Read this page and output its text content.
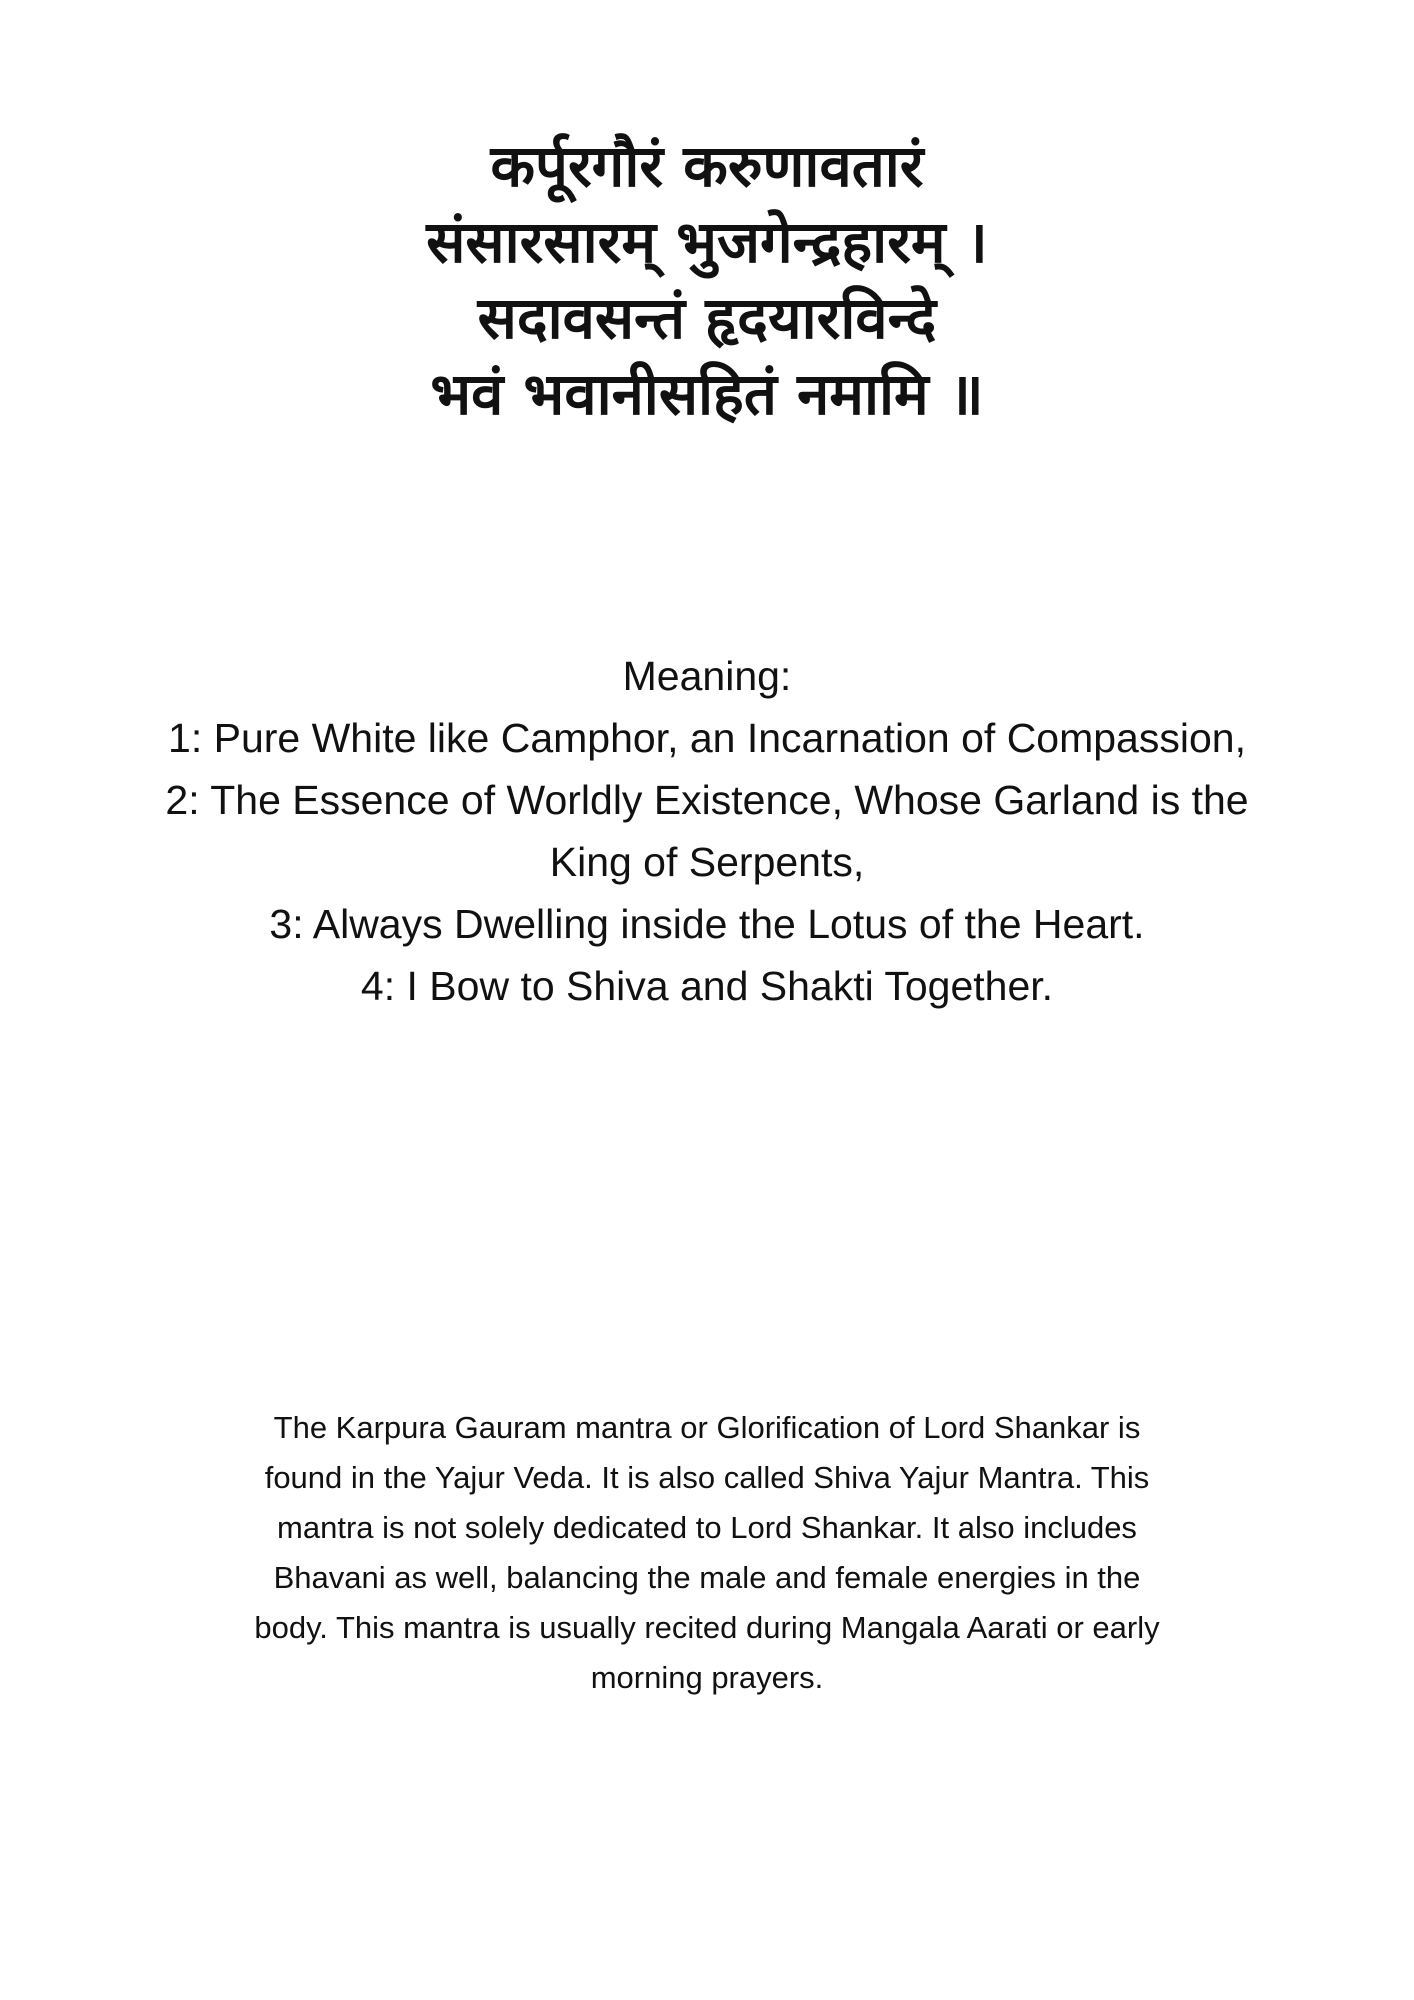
कर्पूरगौरं करुणावतारं
संसारसारम् भुजगेन्द्रहारम् ।
सदावसन्तं हृदयारविन्दे
भवं भवानीसहितं नमामि ॥
Meaning:
1: Pure White like Camphor, an Incarnation of Compassion,
2: The Essence of Worldly Existence, Whose Garland is the King of Serpents,
3: Always Dwelling inside the Lotus of the Heart.
4: I Bow to Shiva and Shakti Together.

The Karpura Gauram mantra or Glorification of Lord Shankar is found in the Yajur Veda. It is also called Shiva Yajur Mantra. This mantra is not solely dedicated to Lord Shankar. It also includes Bhavani as well, balancing the male and female energies in the body. This mantra is usually recited during Mangala Aarati or early morning prayers.
